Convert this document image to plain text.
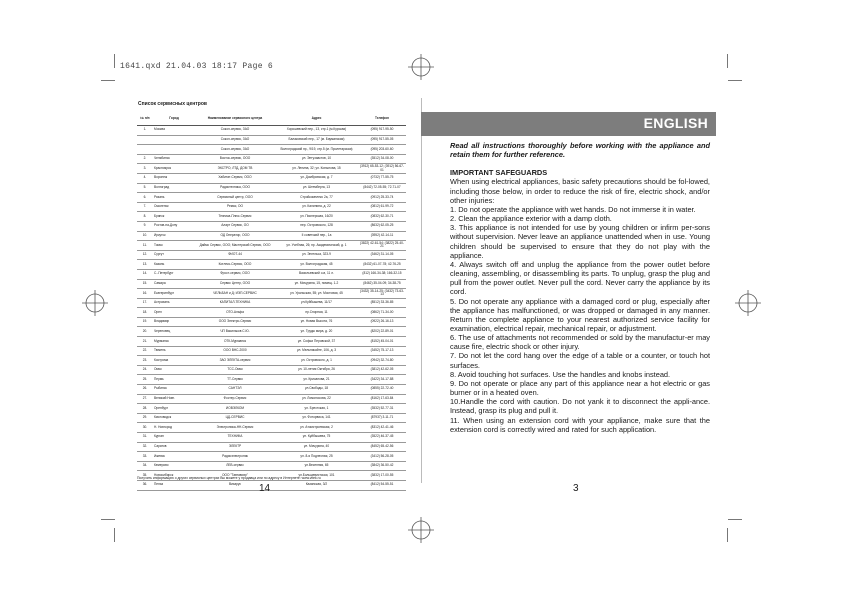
1641.qxd 21.04.03 18:17 Page 6
Список сервисных центров
№ п/п	Город	Наименование сервисного центра	Адрес	Телефон
1.	Москва	Сокол-сервис, ЗАО	Хорошевский пер., 13, стр.1 (м.Курская)	(095) 917-95-50
		Сокол-сервис, ЗАО	Балаковский пер., 17 (м. Бауманская)	(095) 917-55-05
		Сокол-сервис, ЗАО	Волгоградский пр., 9/19, стр.5 (м. Пролетарская)	(095) 203-60-60
2.	Челябинск	Восток-сервис, ООО	ул. Энтузиастов, 10	(3512) 34-08-00
3.	Красноярск	ЭКСТРО, ЛТД, ДОМ ТВ	ул. Ленина, 32; ул. Копылова, 15	(3912) 65-53-12; (3912) 56-67-01
4.	Воронеж	Хабитат-Сервис, ООО	ул. Домбровская, д. 7	(0732) 77-55-75
5.	Волгоград	Радиотехника, ООО	ул. Штемберга, 13	(8442) 72-05-55; 72-71-07
6.	Рязань	Сервисный центр, ООО	Стройкомплекс 2а, 77	(0912) 25-33-74
7.	Смоленск	Ремас, ОО	ул. Калинина, д. 22	(0812) 61-99-72
8.	Брянск	Техника-Плюс-Сервис	ул. Пионерская, 16/20	(0832) 62-30-71
9.	Ростов-на-Дону	Аларт Сервис, ОО	пер. Островского, 128	(8632) 62-05-25
10.	Иркутск	ОД Оператор, ООО	II советский пер., 1а	(3952) 42-14-11
11.	Томск	Даймс Сервис, ООО; Мастерский Сервис, ООО	ул. Учебная, 26; пр. Академический, д. 1	(3822) 42-61-54; (3822) 25-40-21
12.	Сургут	ФИОТ-44	ул. Энгельса, 323-9	(3462) 31-14-05
13.	Казань	Котлекс-Сервис, ООО	ул. Волгоградская, 45	(8432) 61-07-78; 42-76-25
14.	С.-Петербург	Фрост-сервис, ООО	Васильевский о-в, 11 л.	(812) 166-34-38; 166-32-15
15.	Самара	Сервис Центр, ООО	ул. Мичурина, 15, помещ. 1-2	(8462) 35-04-09; 34-38-75
16.	Екатеринбург	ЧЕЛЬБАН и Д; ИЭП-СЕРВИС	ул. Уральская, 55; ул. Мостовая, 45	(3432) 35-14-25; (3432) 73-63-13
17.	Астрахань	КАПИТАЛ-ТЕХНИКА	ул.Куйбышева, 11/17	(8512) 33-36-85
18.	Орел	ОТО-Альфа	пр.Спорная, 11	(0862) 71-34-00
19.	Владимир	ООО Электро-Сервис	ул. Новая Высота, 76	(0922) 26-16-13
20.	Череповец	ЧП Васильков С.Ю.	ул. Труды мира, д. 20	(8202) 22-89-01
21.	Мурманск	ОТК-Мурманск	ул. Софьи Перовской, 37	(8152) 45-04-01
22.	Тюмень	ООО ВНС-2000	ул. Мельникайте, 106, д. 3	(3452) 75-17-13
23.	Кострома	ЗАО ЭЛЕКТА-сервис	ул. Островского, д. 1	(0942) 32-74-80
24.	Омск	ТСС-Омск	ул. 10-летия Октября, 26	(3812) 42-62-05
25.	Пермь	ТТ-Сервис	ул. Крисанова, 21	(3422) 34-17-88
26.	Рыбинск	САНТЭЛ	ул.Свободы, 18	(0855) 22-72-40
27.	Великий Новг.	Фостер-Сервис	ул. Ломоносова, 22	(8162) 17-63-84
28.	Оренбург	ИОВЭЛКОМ	ул. Брестская, 1	(3532) 52-77-31
29.	Кисловодск	ЦД-СЕРВИС	ул. Фоторвиса, 141	(87937) 3-11-71
30.	Н. Новгород	Электроника-НН-Cервис	ул. Атомстроевская, 2	(8312) 42-41-46
31.	Курган	ТЕХНИКА	ул. Куйбышева, 75	(3522) 46-37-45
32.	Саратов	ЭЛЕКТР	ул. Мичурина, 40	(8452) 65-42-56
33.	Ижевск	Радиоэлектроник	ул. 8-я Подлесная, 25	(3412) 56-28-05
34.	Кемерово	ЛЕВ-сервис	ул.Весенняя, 65	(3842) 36-50-42
35.	Новосибирск	ООО "Тавтавиэр"	ул.Большевистская, 101	(3832) 17-00-55
36.	Пенза	Визарус	Казанская, 3/2	(8412) 54-55-51
Получить информацию о других сервисных центрах Вы можете у продавца или по адресу в Интернете: www.vitek.ru
14
ENGLISH

Read all instructions thoroughly before working with the appliance and retain them for further reference.

IMPORTANT SAFEGUARDS

When using electrical appliances, basic safety precautions should be fol-lowed, including those below, in order to reduce the risk of fire, electric shock, and/or other injuries:

1. Do not operate the appliance with wet hands. Do not immerse it in water.

2. Clean the appliance exterior with a damp cloth.

3. This appliance is not intended for use by young children or infirm per-sons without supervision. Never leave an appliance unattended when in use. Young children should be supervised to ensure that they do not play with the appliance.

4. Always switch off and unplug the appliance from the power outlet before cleaning, assembling, or disassembling its parts. To unplug, grasp the plug and pull from the power outlet. Never pull the cord. Never carry the appliance by its cord.

5. Do not operate any appliance with a damaged cord or plug, especially after the appliance has malfunctioned, or was dropped or damaged in any manner. Return the complete appliance to your nearest authorized service facility for examination, electrical repair, mechanical repair, or adjustment.

6. The use of attachments not recommended or sold by the manufactur-er may cause fire, electric shock or other injury.

7. Do not let the cord hang over the edge of a table or a counter, or touch hot surfaces.

8. Avoid touching hot surfaces. Use the handles and knobs instead.

9. Do not operate or place any part of this appliance near a hot electric or gas burner or in a heated oven.

10.Handle the cord with caution. Do not yank it to disconnect the appli-ance. Instead, grasp its plug and pull it.

11. When using an extension cord with your appliance, make sure that the extension cord is correctly wired and rated for such application.

3
